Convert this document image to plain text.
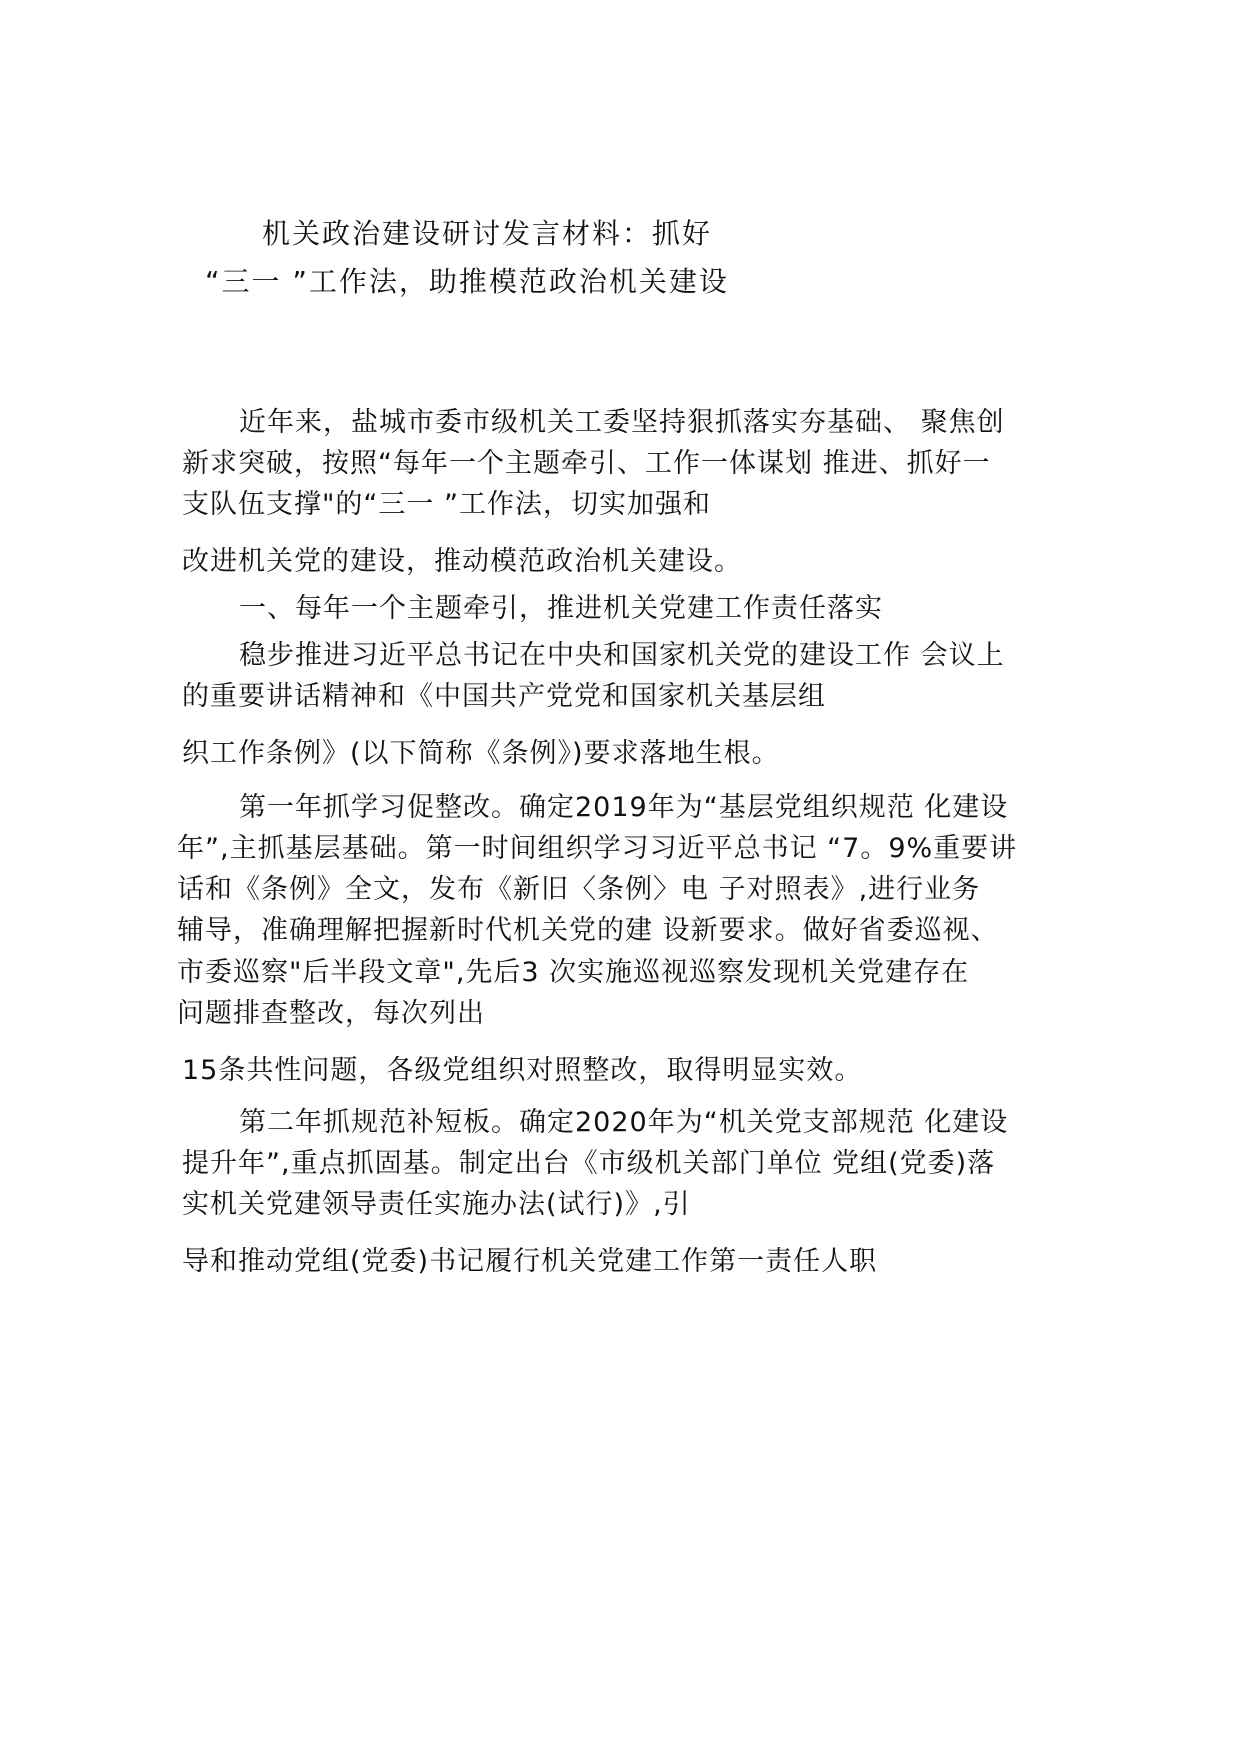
机关政治建设研讨发言材料：抓好
“三一 ”工作法，助推模范政治机关建设
近年来，盐城市委市级机关工委坚持狠抓落实夯基础、 聚焦创
新求突破，按照“每年一个主题牵引、工作一体谋划 推进、抓好一
支队伍支撑"的“三一 ”工作法，切实加强和
改进机关党的建设，推动模范政治机关建设。
一、每年一个主题牵引，推进机关党建工作责任落实
稳步推进习近平总书记在中央和国家机关党的建设工作 会议上
的重要讲话精神和《中国共产党党和国家机关基层组
织工作条例》(以下简称《条例》)要求落地生根。
第一年抓学习促整改。确定2019年为“基层党组织规范 化建设
年”,主抓基层基础。第一时间组织学习习近平总书记 “7。9%重要讲
话和《条例》全文，发布《新旧〈条例〉电 子对照表》,进行业务
辅导，准确理解把握新时代机关党的建 设新要求。做好省委巡视、
市委巡察"后半段文章",先后3 次实施巡视巡察发现机关党建存在
问题排查整改，每次列出
15条共性问题，各级党组织对照整改，取得明显实效。
第二年抓规范补短板。确定2020年为“机关党支部规范 化建设
提升年”,重点抓固基。制定出台《市级机关部门单位 党组(党委)落
实机关党建领导责任实施办法(试行)》,引
导和推动党组(党委)书记履行机关党建工作第一责任人职
